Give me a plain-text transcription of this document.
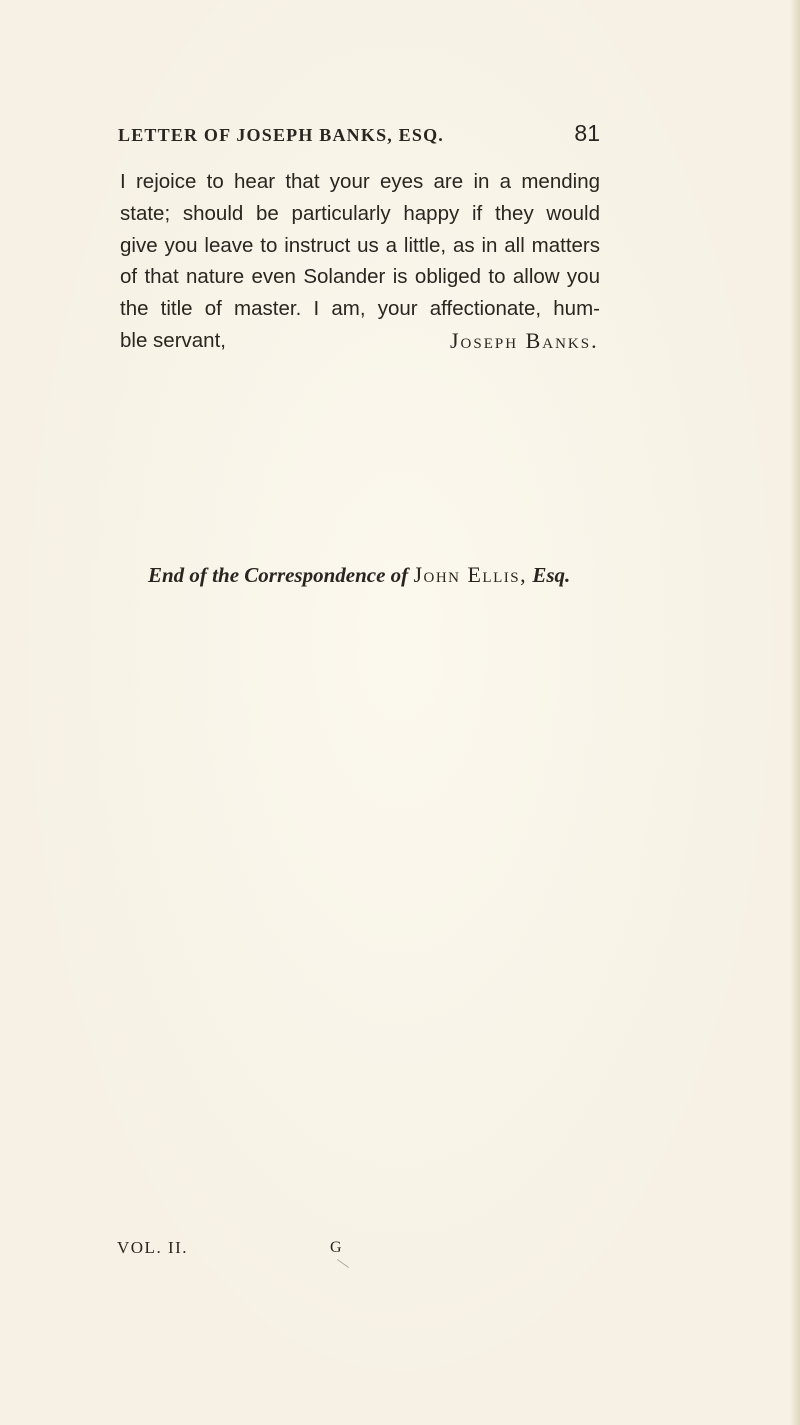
LETTER OF JOSEPH BANKS, ESQ.	81
I rejoice to hear that your eyes are in a mending
state; should be particularly happy if they would
give you leave to instruct us a little, as in all matters
of that nature even Solander is obliged to allow you
the title of master. I am, your affectionate, hum-
ble servant,	Joseph Banks.
End of the Correspondence of John Ellis, Esq.
VOL. II.	G
